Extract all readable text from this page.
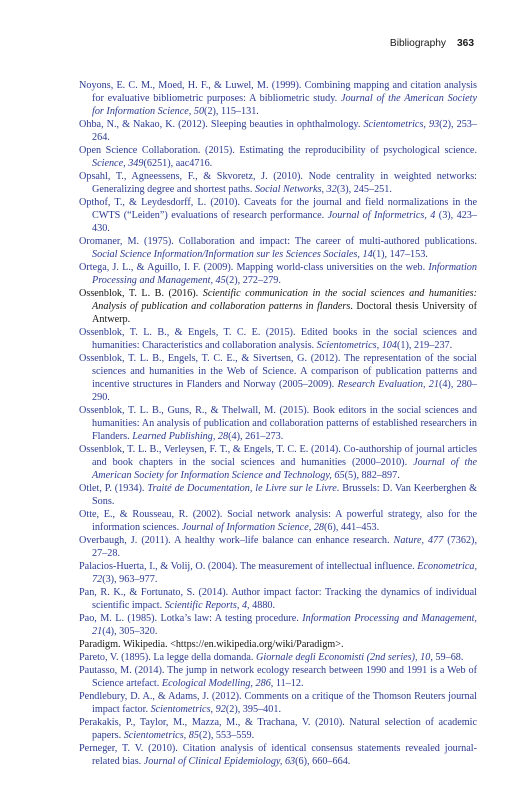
Bibliography 363
Noyons, E. C. M., Moed, H. F., & Luwel, M. (1999). Combining mapping and citation analysis for evaluative bibliometric purposes: A bibliometric study. Journal of the American Society for Information Science, 50(2), 115–131.
Ohba, N., & Nakao, K. (2012). Sleeping beauties in ophthalmology. Scientometrics, 93(2), 253–264.
Open Science Collaboration. (2015). Estimating the reproducibility of psychological science. Science, 349(6251), aac4716.
Opsahl, T., Agneessens, F., & Skvoretz, J. (2010). Node centrality in weighted networks: Generalizing degree and shortest paths. Social Networks, 32(3), 245–251.
Opthof, T., & Leydesdorff, L. (2010). Caveats for the journal and field normalizations in the CWTS (“Leiden”) evaluations of research performance. Journal of Informetrics, 4 (3), 423–430.
Oromaner, M. (1975). Collaboration and impact: The career of multi-authored publications. Social Science Information/Information sur les Sciences Sociales, 14(1), 147–153.
Ortega, J. L., & Aguillo, I. F. (2009). Mapping world-class universities on the web. Information Processing and Management, 45(2), 272–279.
Ossenblok, T. L. B. (2016). Scientific communication in the social sciences and humanities: Analysis of publication and collaboration patterns in flanders. Doctoral thesis University of Antwerp.
Ossenblok, T. L. B., & Engels, T. C. E. (2015). Edited books in the social sciences and humanities: Characteristics and collaboration analysis. Scientometrics, 104(1), 219–237.
Ossenblok, T. L. B., Engels, T. C. E., & Sivertsen, G. (2012). The representation of the social sciences and humanities in the Web of Science. A comparison of publication patterns and incentive structures in Flanders and Norway (2005–2009). Research Evaluation, 21(4), 280–290.
Ossenblok, T. L. B., Guns, R., & Thelwall, M. (2015). Book editors in the social sciences and humanities: An analysis of publication and collaboration patterns of established researchers in Flanders. Learned Publishing, 28(4), 261–273.
Ossenblok, T. L. B., Verleysen, F. T., & Engels, T. C. E. (2014). Co-authorship of journal articles and book chapters in the social sciences and humanities (2000–2010). Journal of the American Society for Information Science and Technology, 65(5), 882–897.
Otlet, P. (1934). Traité de Documentation, le Livre sur le Livre. Brussels: D. Van Keerberghen & Sons.
Otte, E., & Rousseau, R. (2002). Social network analysis: A powerful strategy, also for the information sciences. Journal of Information Science, 28(6), 441–453.
Overbaugh, J. (2011). A healthy work–life balance can enhance research. Nature, 477 (7362), 27–28.
Palacios-Huerta, I., & Volij, O. (2004). The measurement of intellectual influence. Econometrica, 72(3), 963–977.
Pan, R. K., & Fortunato, S. (2014). Author impact factor: Tracking the dynamics of individual scientific impact. Scientific Reports, 4, 4880.
Pao, M. L. (1985). Lotka’s law: A testing procedure. Information Processing and Management, 21(4), 305–320.
Paradigm. Wikipedia. <https://en.wikipedia.org/wiki/Paradigm>.
Pareto, V. (1895). La legge della domanda. Giornale degli Economisti (2nd series), 10, 59–68.
Pautasso, M. (2014). The jump in network ecology research between 1990 and 1991 is a Web of Science artefact. Ecological Modelling, 286, 11–12.
Pendlebury, D. A., & Adams, J. (2012). Comments on a critique of the Thomson Reuters journal impact factor. Scientometrics, 92(2), 395–401.
Perakakis, P., Taylor, M., Mazza, M., & Trachana, V. (2010). Natural selection of academic papers. Scientometrics, 85(2), 553–559.
Perneger, T. V. (2010). Citation analysis of identical consensus statements revealed journal-related bias. Journal of Clinical Epidemiology, 63(6), 660–664.
